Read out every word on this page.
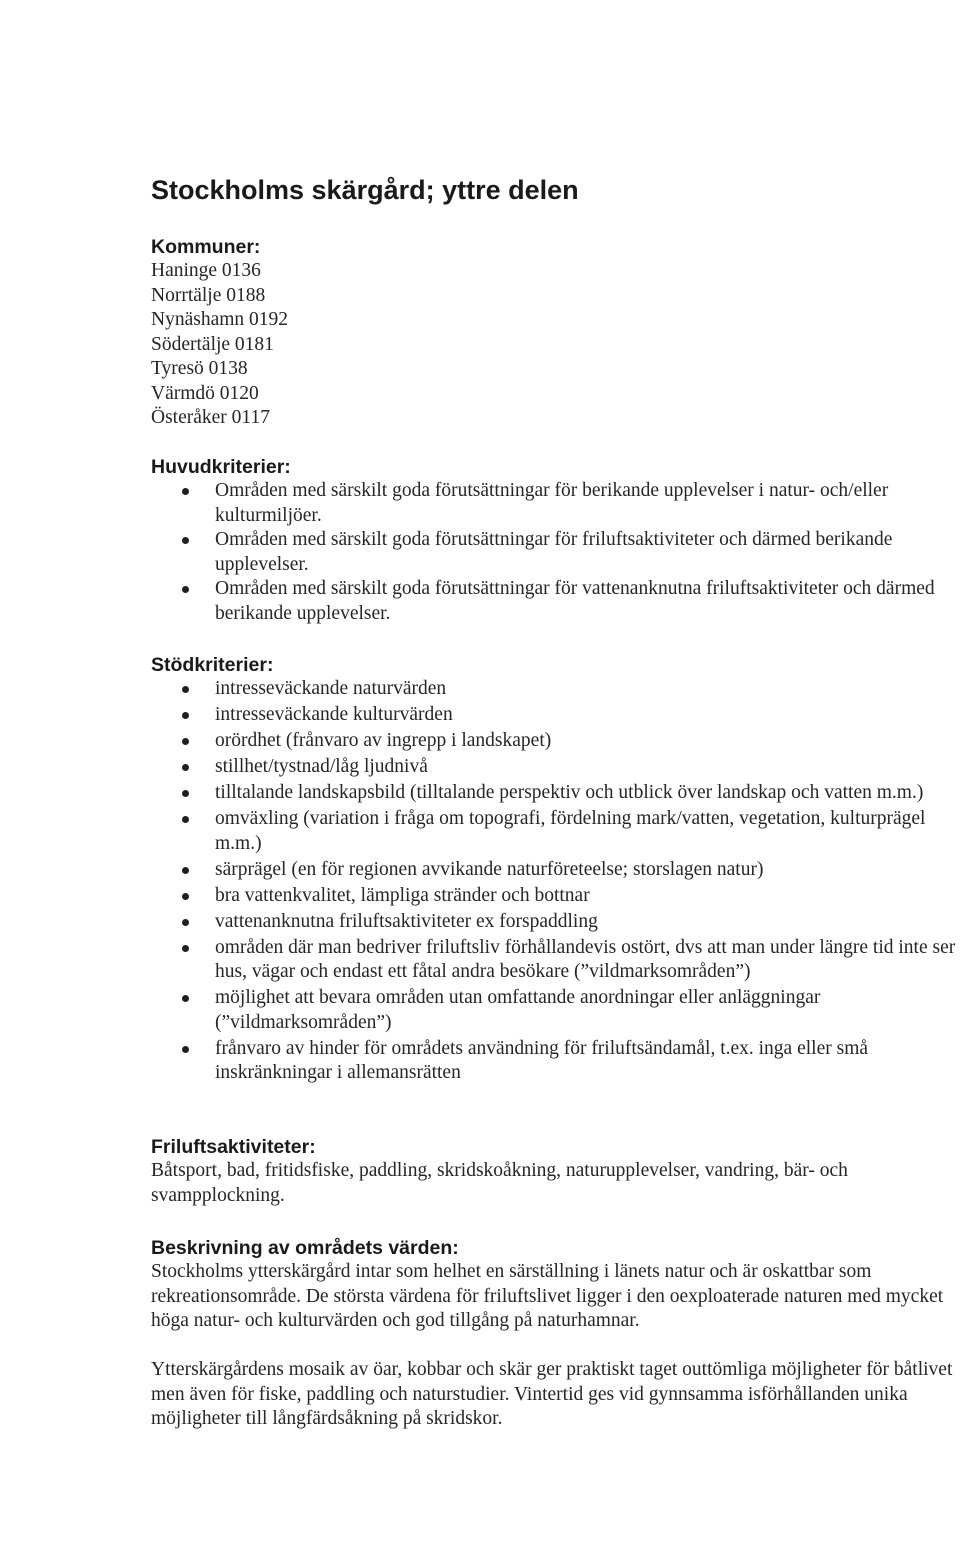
Stockholms skärgård; yttre delen
Kommuner:
Haninge 0136
Norrtälje 0188
Nynäshamn 0192
Södertälje 0181
Tyresö 0138
Värmdö 0120
Österåker 0117
Huvudkriterier:
Områden med särskilt goda förutsättningar för berikande upplevelser i natur- och/eller kulturmiljöer.
Områden med särskilt goda förutsättningar för friluftsaktiviteter och därmed berikande upplevelser.
Områden med särskilt goda förutsättningar för vattenanknutna friluftsaktiviteter och därmed berikande upplevelser.
Stödkriterier:
intresseväckande naturvärden
intresseväckande kulturvärden
orördhet (frånvaro av ingrepp i landskapet)
stillhet/tystnad/låg ljudnivå
tilltalande landskapsbild (tilltalande perspektiv och utblick över landskap och vatten m.m.)
omväxling (variation i fråga om topografi, fördelning mark/vatten, vegetation, kulturprägel m.m.)
särprägel (en för regionen avvikande naturföreteelse; storslagen natur)
bra vattenkvalitet, lämpliga stränder och bottnar
vattenanknutna friluftsaktiviteter ex forspaddling
områden där man bedriver friluftsliv förhållandevis ostört, dvs att man under längre tid inte ser hus, vägar och endast ett fåtal andra besökare (”vildmarksområden”)
möjlighet att bevara områden utan omfattande anordningar eller anläggningar (”vildmarksområden”)
frånvaro av hinder för områdets användning för friluftsändamål, t.ex. inga eller små inskränkningar i allemansrätten
Friluftsaktiviteter:

Båtsport, bad, fritidsfiske, paddling, skridskoåkning, naturupplevelser, vandring, bär- och svampplockning.

Beskrivning av områdets värden:

Stockholms ytterskärgård intar som helhet en särställning i länets natur och är oskattbar som rekreationsområde. De största värdena för friluftslivet ligger i den oexploaterade naturen med mycket höga natur- och kulturvärden och god tillgång på naturhamnar.

Ytterskärgårdens mosaik av öar, kobbar och skär ger praktiskt taget outtömliga möjligheter för båtlivet men även för fiske, paddling och naturstudier. Vintertid ges vid gynnsamma isförhållanden unika möjligheter till långfärdsåkning på skridskor.
